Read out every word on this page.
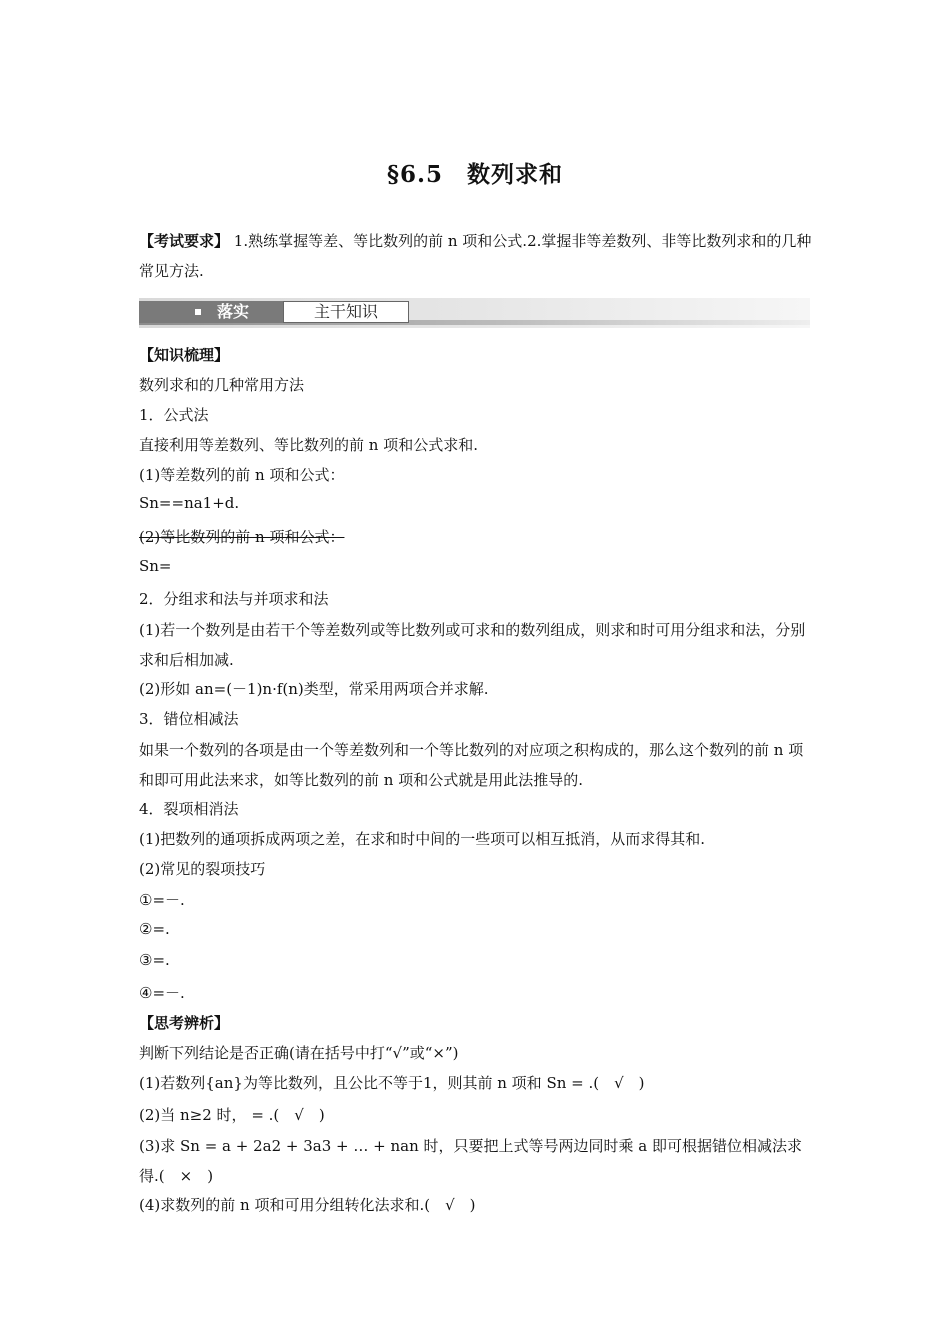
§6.5　数列求和
【考试要求】 1.熟练掌握等差、等比数列的前 n 项和公式.2.掌握非等差数列、非等比数列求和的几种常见方法.
落实	主干知识
【知识梳理】
数列求和的几种常用方法
1．公式法
直接利用等差数列、等比数列的前 n 项和公式求和.
(1)等差数列的前 n 项和公式：
Sn==na1+d.
(2)等比数列的前 n 项和公式：
Sn=
2．分组求和法与并项求和法
(1)若一个数列是由若干个等差数列或等比数列或可求和的数列组成，则求和时可用分组求和法，分别求和后相加减.
(2)形如 an=(－1)n·f(n)类型，常采用两项合并求解.
3．错位相减法
如果一个数列的各项是由一个等差数列和一个等比数列的对应项之积构成的，那么这个数列的前 n 项和即可用此法来求，如等比数列的前 n 项和公式就是用此法推导的.
4．裂项相消法
(1)把数列的通项拆成两项之差，在求和时中间的一些项可以相互抵消，从而求得其和.
(2)常见的裂项技巧
①=－.
②=.
③=.
④=－.
【思考辨析】
判断下列结论是否正确(请在括号中打“√”或“×”)
(1)若数列{an}为等比数列，且公比不等于1，则其前 n 项和 Sn = .(　√　)
(2)当 n≥2 时， = .(　√　)
(3)求 Sn = a + 2a2 + 3a3 + … + nan 时，只要把上式等号两边同时乘 a 即可根据错位相减法求得.(　×　)
(4)求数列的前 n 项和可用分组转化法求和.(　√　)
